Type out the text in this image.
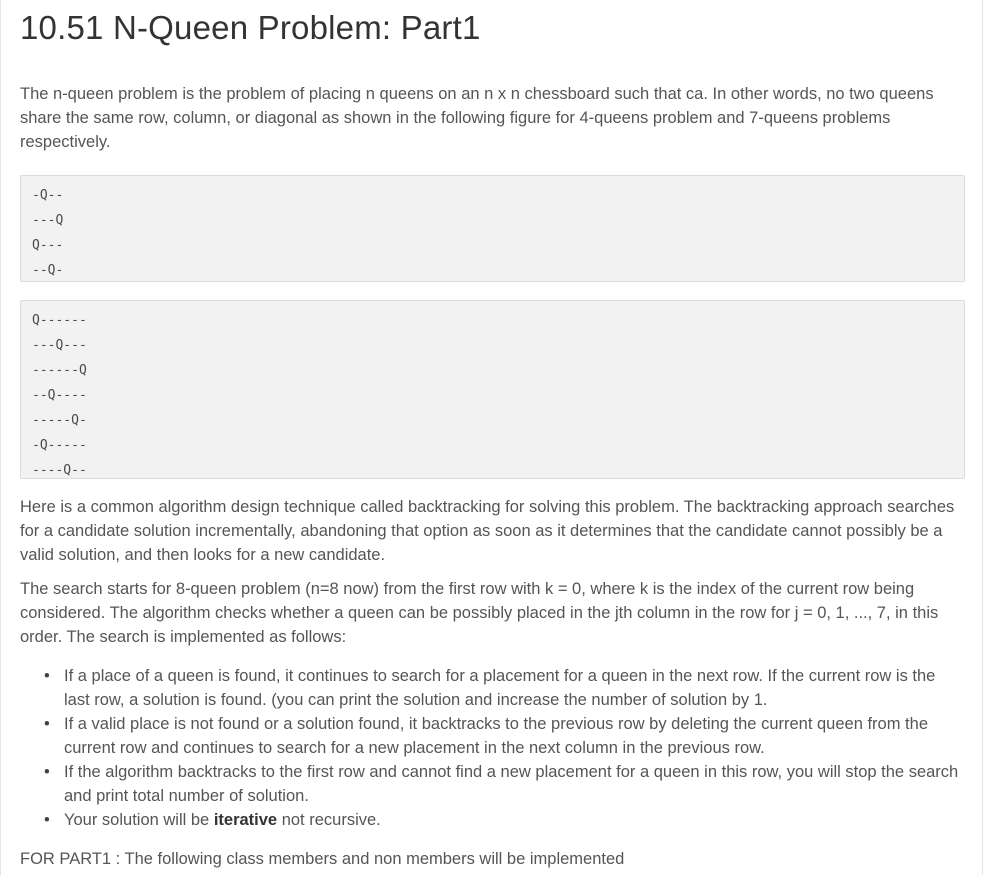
10.51 N-Queen Problem: Part1

The n-queen problem is the problem of placing n queens on an n x n chessboard such that ca. In other words, no two queens share the same row, column, or diagonal as shown in the following figure for 4-queens problem and 7-queens problems respectively.

-Q--
---Q
Q---
--Q-
Q------
---Q---
------Q
--Q----
-----Q-
-Q-----
----Q--

Here is a common algorithm design technique called backtracking for solving this problem. The backtracking approach searches for a candidate solution incrementally, abandoning that option as soon as it determines that the candidate cannot possibly be a valid solution, and then looks for a new candidate.

The search starts for 8-queen problem (n=8 now) from the first row with k = 0, where k is the index of the current row being considered. The algorithm checks whether a queen can be possibly placed in the jth column in the row for j = 0, 1, ..., 7, in this order. The search is implemented as follows:

• If a place of a queen is found, it continues to search for a placement for a queen in the next row. If the current row is the last row, a solution is found. (you can print the solution and increase the number of solution by 1.
• If a valid place is not found or a solution found, it backtracks to the previous row by deleting the current queen from the current row and continues to search for a new placement in the next column in the previous row.
• If the algorithm backtracks to the first row and cannot find a new placement for a queen in this row, you will stop the search and print total number of solution.
• Your solution will be iterative not recursive.

FOR PART1 : The following class members and non members will be implemented
